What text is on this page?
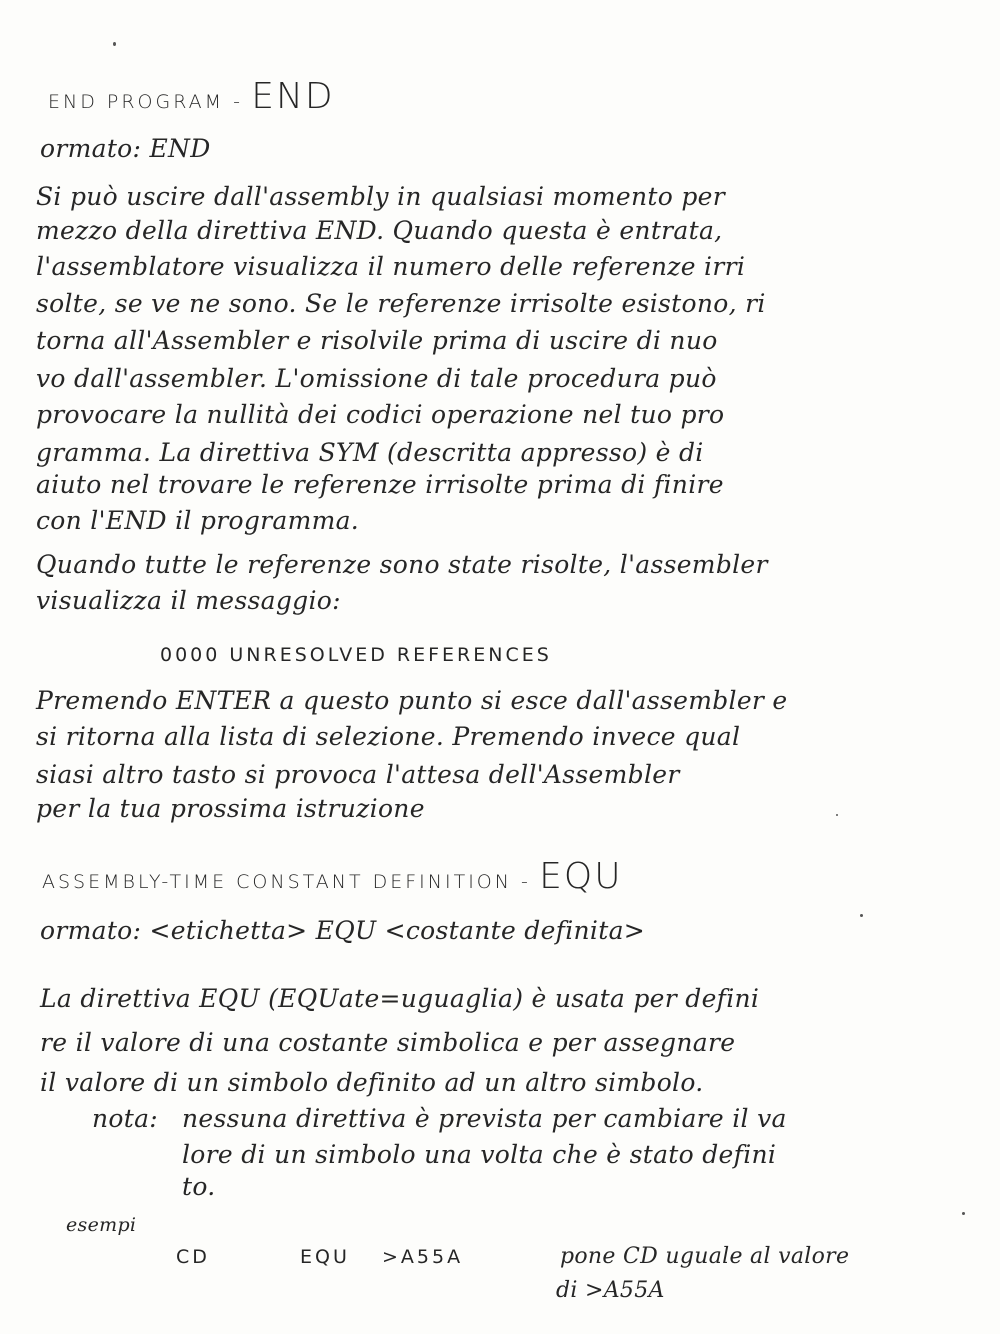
END PROGRAM - END
ormato: END
Si può uscire dall'assembly in qualsiasi momento per
mezzo della direttiva END. Quando questa è entrata,
l'assemblatore visualizza il numero delle referenze irri
solte, se ve ne sono. Se le referenze irrisolte esistono, ri
torna all'Assembler e risolvile prima di uscire di nuo
vo dall'assembler. L'omissione di tale procedura può
provocare la nullità dei codici operazione nel tuo pro
gramma. La direttiva SYM (descritta appresso) è di
aiuto nel trovare le referenze irrisolte prima di finire
con l'END il programma.
Quando tutte le referenze sono state risolte, l'assembler
visualizza il messaggio:
0000 UNRESOLVED REFERENCES
Premendo ENTER a questo punto si esce dall'assembler e
si ritorna alla lista di selezione. Premendo invece qual
siasi altro tasto si provoca l'attesa dell'Assembler
per la tua prossima istruzione
ASSEMBLY-TIME CONSTANT DEFINITION - EQU
ormato: <etichetta> EQU <costante definita>
La direttiva EQU (EQUate=uguaglia) è usata per defini
re il valore di una costante simbolica e per assegnare
il valore di un simbolo definito ad un altro simbolo.
nota: nessuna direttiva è prevista per cambiare il va
lore di un simbolo una volta che è stato defini
to.
esempi
CD	EQU >A55A	pone CD uguale al valore
di >A55A
